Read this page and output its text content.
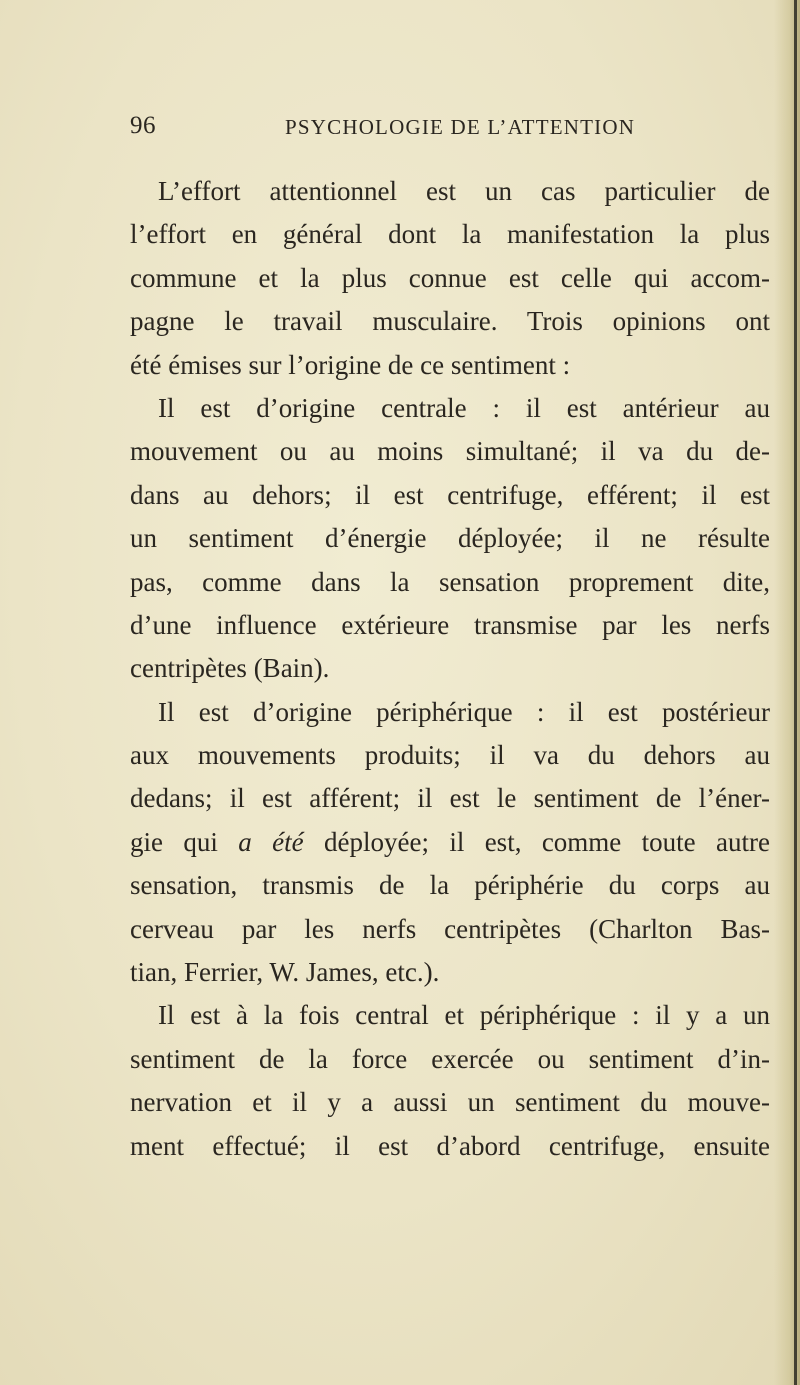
96	PSYCHOLOGIE DE L’ATTENTION
L’effort attentionnel est un cas particulier de
l’effort en général dont la manifestation la plus
commune et la plus connue est celle qui accom-
pagne le travail musculaire. Trois opinions ont
été émises sur l’origine de ce sentiment :
Il est d’origine centrale : il est antérieur au
mouvement ou au moins simultané; il va du de-
dans au dehors; il est centrifuge, efférent; il est
un sentiment d’énergie déployée; il ne résulte
pas, comme dans la sensation proprement dite,
d’une influence extérieure transmise par les nerfs
centripètes (Bain).
Il est d’origine périphérique : il est postérieur
aux mouvements produits; il va du dehors au
dedans; il est afférent; il est le sentiment de l’éner-
gie qui a été déployée; il est, comme toute autre
sensation, transmis de la périphérie du corps au
cerveau par les nerfs centripètes (Charlton Bas-
tian, Ferrier, W. James, etc.).
Il est à la fois central et périphérique : il y a un
sentiment de la force exercée ou sentiment d’in-
nervation et il y a aussi un sentiment du mouve-
ment effectué; il est d’abord centrifuge, ensuite
